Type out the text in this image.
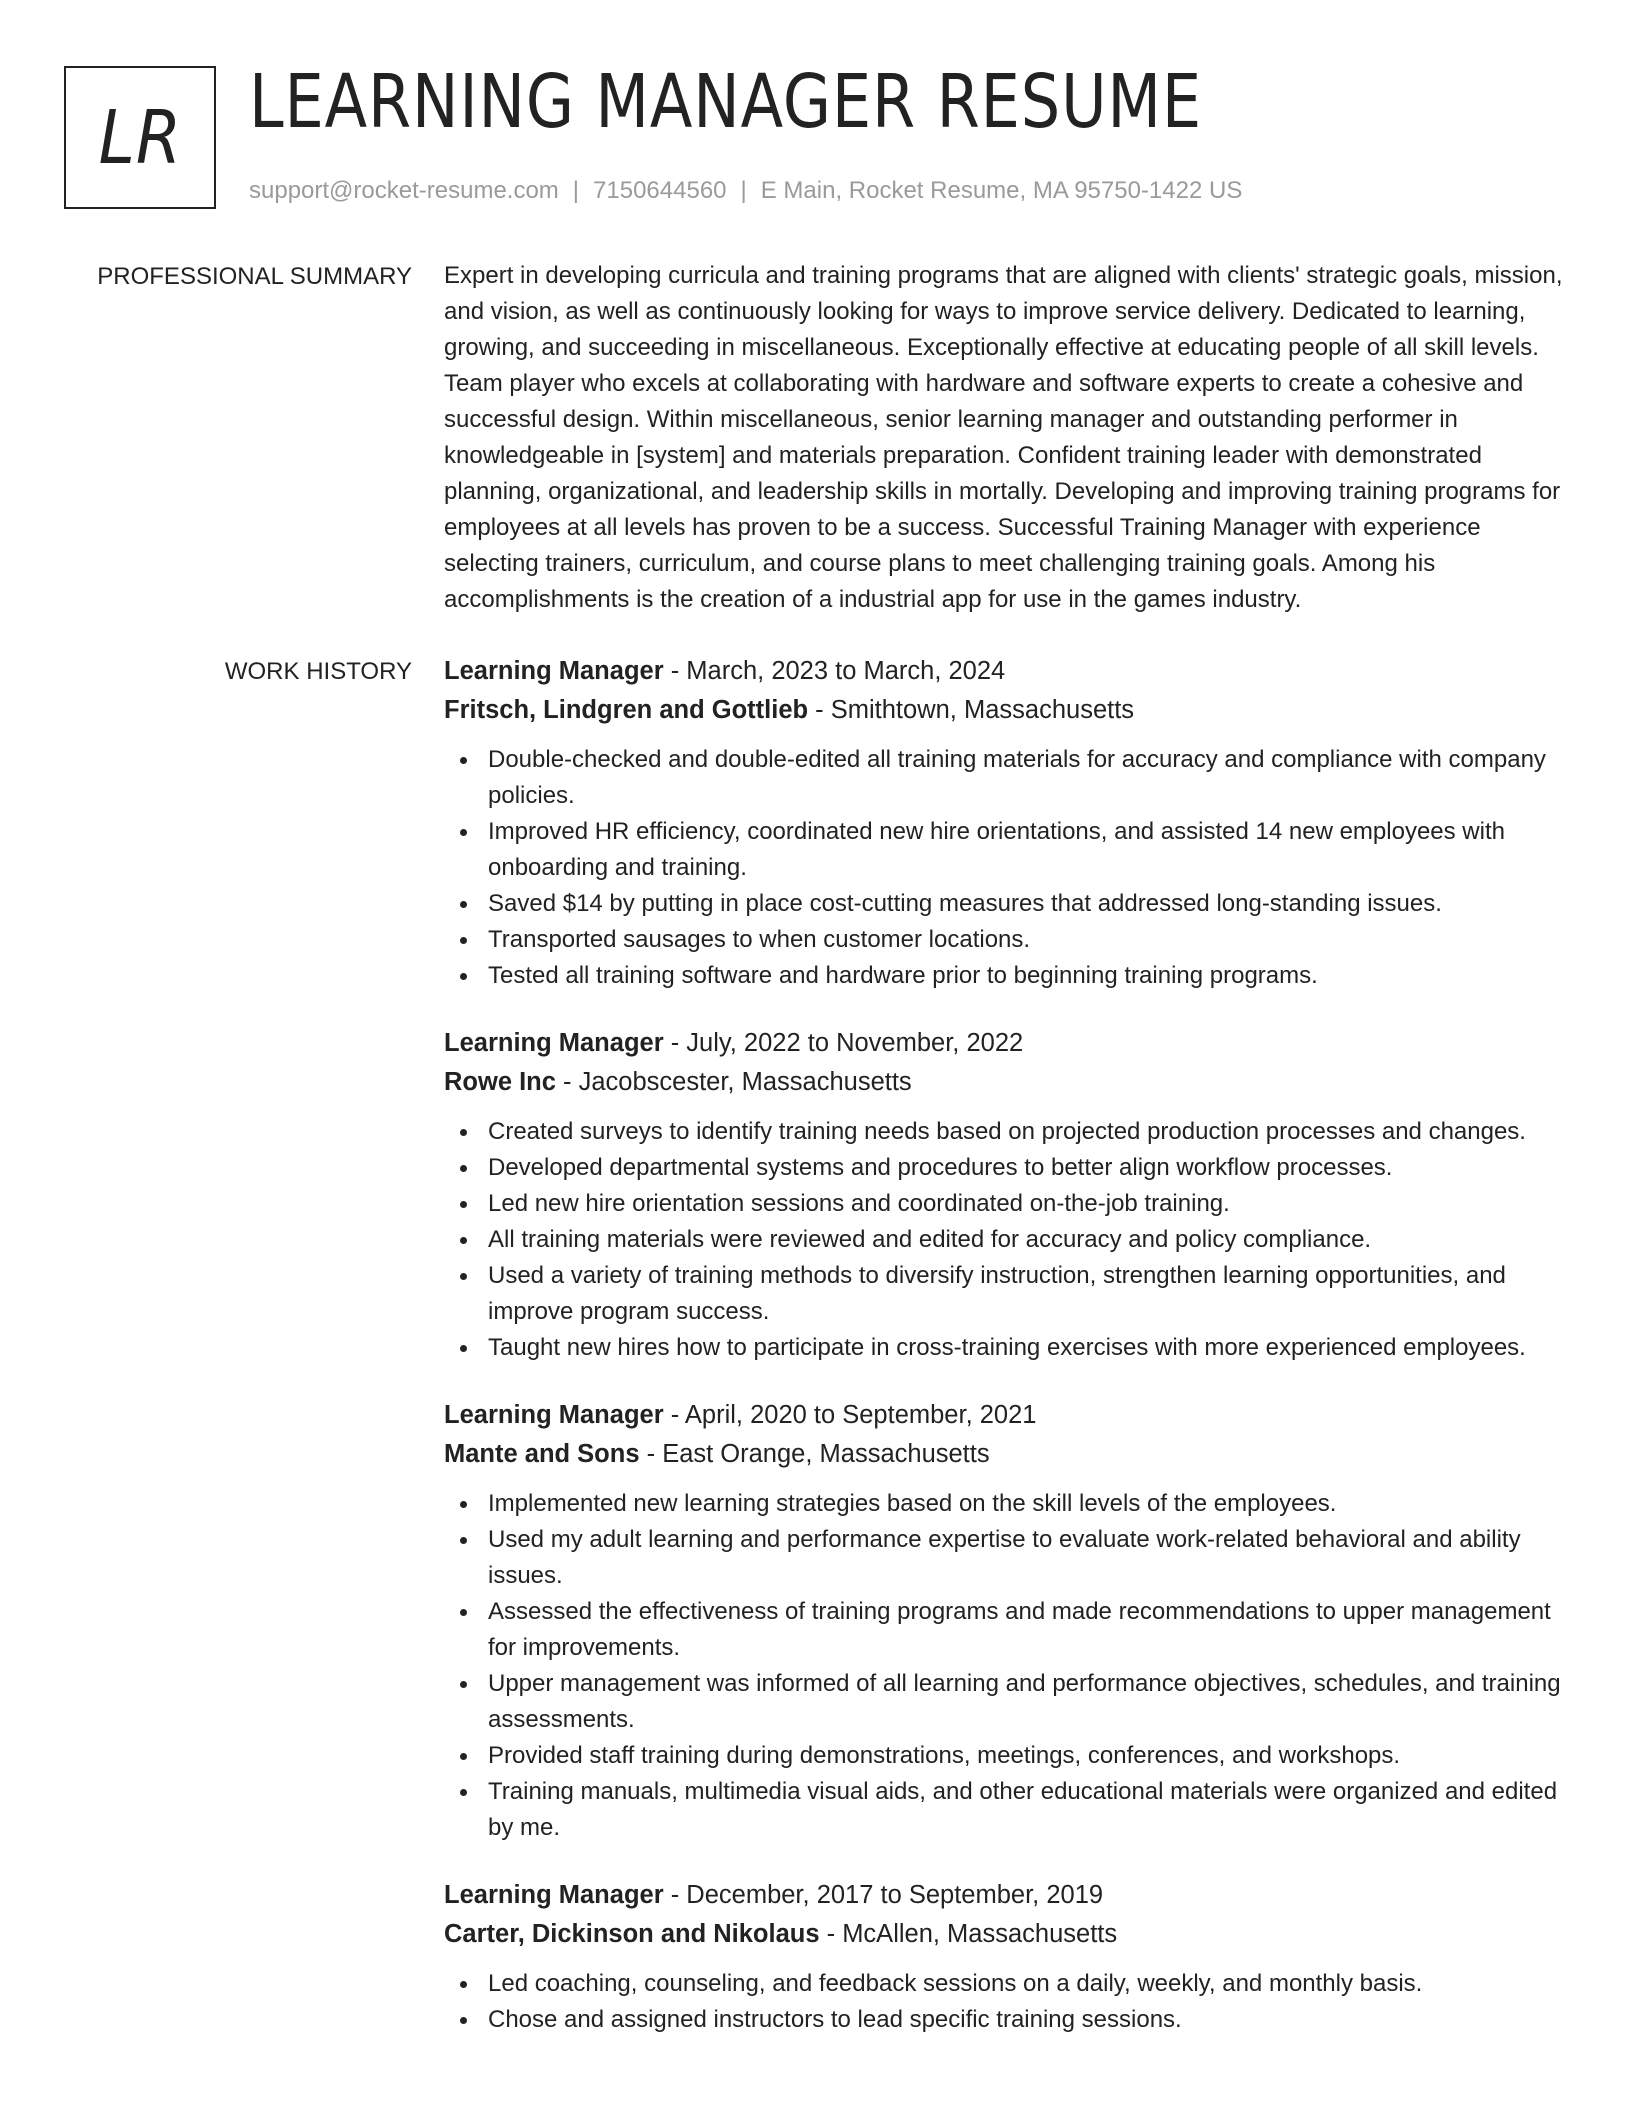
LR LEARNING MANAGER RESUME
support@rocket-resume.com | 7150644560 | E Main, Rocket Resume, MA 95750-1422 US
PROFESSIONAL SUMMARY Expert in developing curricula and training programs that are aligned with clients' strategic goals, mission, and vision, as well as continuously looking for ways to improve service delivery. Dedicated to learning, growing, and succeeding in miscellaneous. Exceptionally effective at educating people of all skill levels. Team player who excels at collaborating with hardware and software experts to create a cohesive and successful design. Within miscellaneous, senior learning manager and outstanding performer in knowledgeable in [system] and materials preparation. Confident training leader with demonstrated planning, organizational, and leadership skills in mortally. Developing and improving training programs for employees at all levels has proven to be a success. Successful Training Manager with experience selecting trainers, curriculum, and course plans to meet challenging training goals. Among his accomplishments is the creation of a industrial app for use in the games industry.

WORK HISTORY Learning Manager - March, 2023 to March, 2024
Fritsch, Lindgren and Gottlieb - Smithtown, Massachusetts
Double-checked and double-edited all training materials for accuracy and compliance with company policies.
Improved HR efficiency, coordinated new hire orientations, and assisted 14 new employees with onboarding and training.
Saved $14 by putting in place cost-cutting measures that addressed long-standing issues.
Transported sausages to when customer locations.
Tested all training software and hardware prior to beginning training programs.
Learning Manager - July, 2022 to November, 2022
Rowe Inc - Jacobscester, Massachusetts
Created surveys to identify training needs based on projected production processes and changes.
Developed departmental systems and procedures to better align workflow processes.
Led new hire orientation sessions and coordinated on-the-job training.
All training materials were reviewed and edited for accuracy and policy compliance.
Used a variety of training methods to diversify instruction, strengthen learning opportunities, and improve program success.
Taught new hires how to participate in cross-training exercises with more experienced employees.
Learning Manager - April, 2020 to September, 2021
Mante and Sons - East Orange, Massachusetts
Implemented new learning strategies based on the skill levels of the employees.
Used my adult learning and performance expertise to evaluate work-related behavioral and ability issues.
Assessed the effectiveness of training programs and made recommendations to upper management for improvements.
Upper management was informed of all learning and performance objectives, schedules, and training assessments.
Provided staff training during demonstrations, meetings, conferences, and workshops.
Training manuals, multimedia visual aids, and other educational materials were organized and edited by me.
Learning Manager - December, 2017 to September, 2019
Carter, Dickinson and Nikolaus - McAllen, Massachusetts
Led coaching, counseling, and feedback sessions on a daily, weekly, and monthly basis.
Chose and assigned instructors to lead specific training sessions.
